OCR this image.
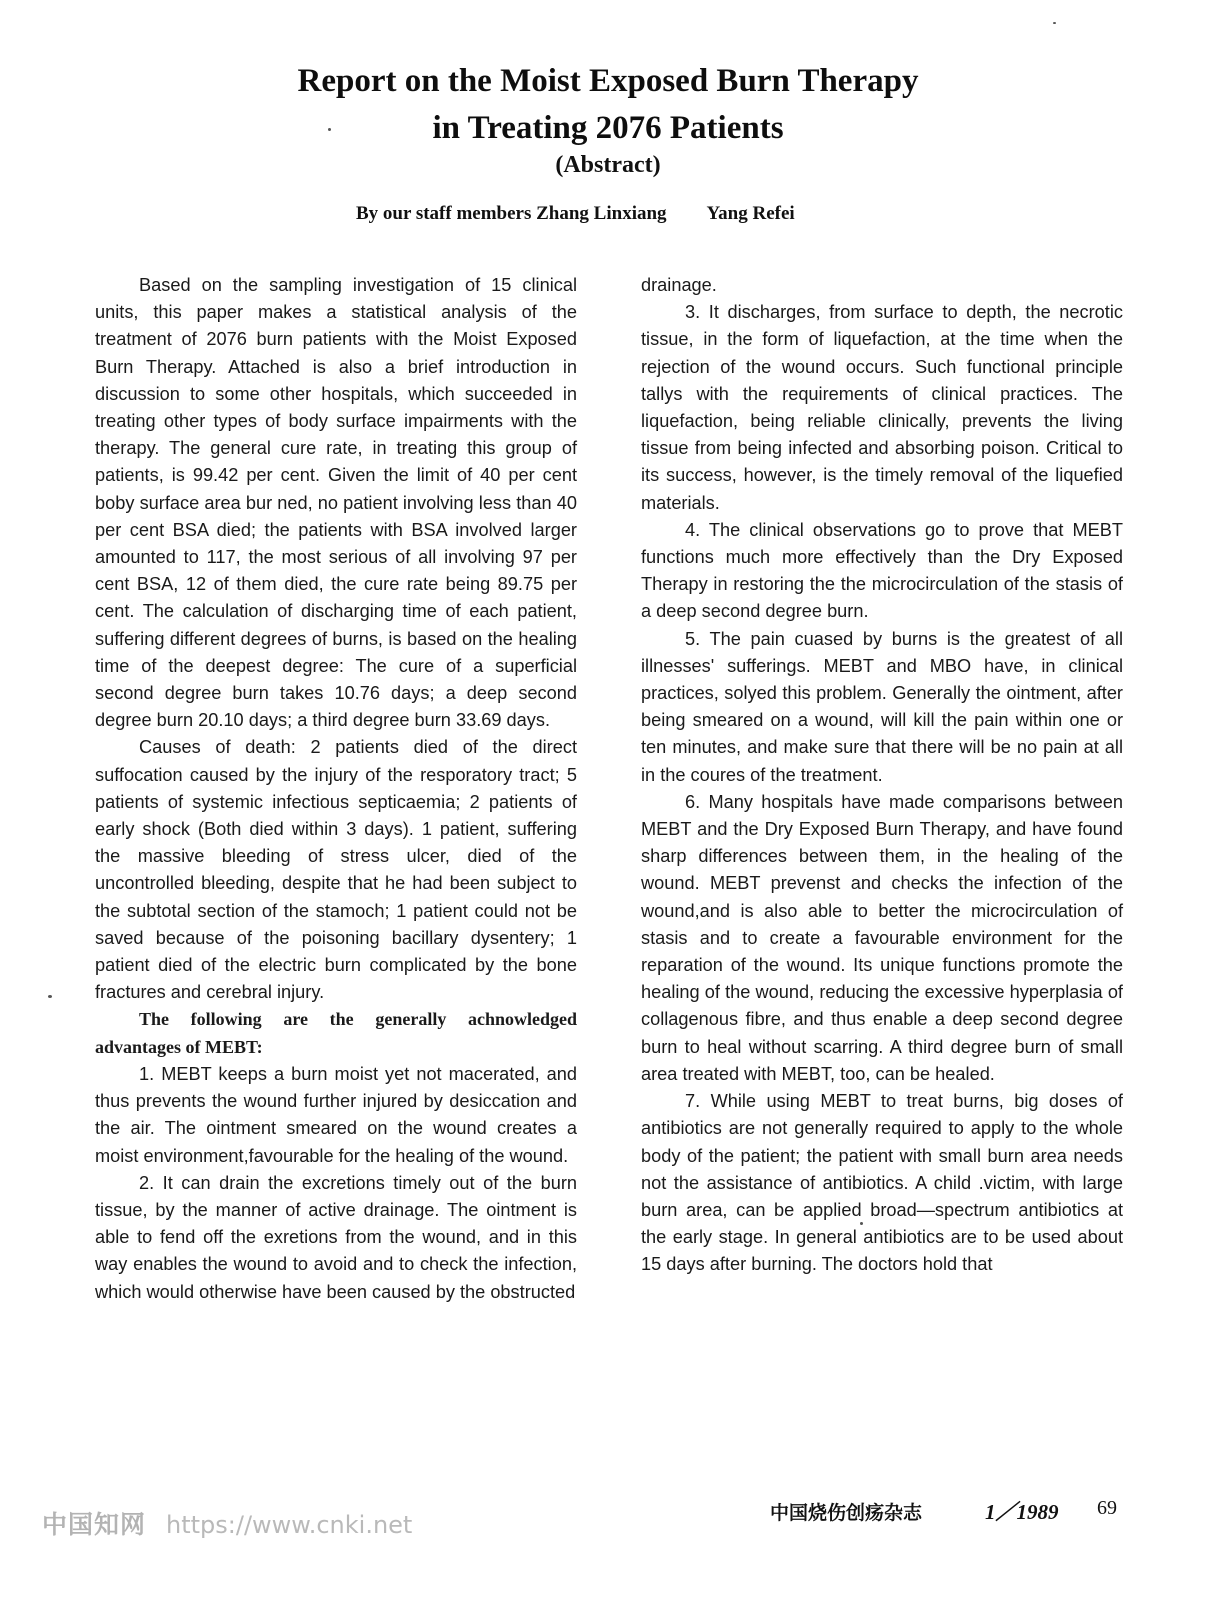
Report on the Moist Exposed Burn Therapy
in Treating 2076 Patients
(Abstract)
By our staff members Zhang Linxiang Yang Refei

Based on the sampling investigation of 15 clinical units, this paper makes a statistical analysis of the treatment of 2076 burn patients with the Moist Exposed Burn Therapy. Attached is also a brief introduction in discussion to some other hospitals, which succeeded in treating other types of body surface impairments with the therapy. The general cure rate, in treating this group of patients, is 99.42 per cent. Given the limit of 40 per cent boby surface area bur ned, no patient involving less than 40 per cent BSA died; the patients with BSA involved larger amounted to 117, the most serious of all involving 97 per cent BSA, 12 of them died, the cure rate being 89.75 per cent. The calculation of discharging time of each patient, suffering different degrees of burns, is based on the healing time of the deepest degree: The cure of a superficial second degree burn takes 10.76 days; a deep second degree burn 20.10 days; a third degree burn 33.69 days.

Causes of death: 2 patients died of the direct suffocation caused by the injury of the resporatory tract; 5 patients of systemic infectious septicaemia; 2 patients of early shock (Both died within 3 days). 1 patient, suffering the massive bleeding of stress ulcer, died of the uncontrolled bleeding, despite that he had been subject to the subtotal section of the stamoch; 1 patient could not be saved because of the poisoning bacillary dysentery; 1 patient died of the electric burn complicated by the bone fractures and cerebral injury.

The following are the generally achnowledged advantages of MEBT:

1. MEBT keeps a burn moist yet not macerated, and thus prevents the wound further injured by desiccation and the air. The ointment smeared on the wound creates a moist environment,favourable for the healing of the wound.

2. It can drain the excretions timely out of the burn tissue, by the manner of active drainage. The ointment is able to fend off the exretions from the wound, and in this way enables the wound to avoid and to check the infection, which would otherwise have been caused by the obstructed

drainage.

3. It discharges, from surface to depth, the necrotic tissue, in the form of liquefaction, at the time when the rejection of the wound occurs. Such functional principle tallys with the requirements of clinical practices. The liquefaction, being reliable clinically, prevents the living tissue from being infected and absorbing poison. Critical to its success, however, is the timely removal of the liquefied materials.

4. The clinical observations go to prove that MEBT functions much more effectively than the Dry Exposed Therapy in restoring the the microcirculation of the stasis of a deep second degree burn.

5. The pain cuased by burns is the greatest of all illnesses' sufferings. MEBT and MBO have, in clinical practices, solyed this problem. Generally the ointment, after being smeared on a wound, will kill the pain within one or ten minutes, and make sure that there will be no pain at all in the coures of the treatment.

6. Many hospitals have made comparisons between MEBT and the Dry Exposed Burn Therapy, and have found sharp differences between them, in the healing of the wound. MEBT prevenst and checks the infection of the wound,and is also able to better the microcirculation of stasis and to create a favourable environment for the reparation of the wound. Its unique functions promote the healing of the wound, reducing the excessive hyperplasia of collagenous fibre, and thus enable a deep second degree burn to heal without scarring. A third degree burn of small area treated with MEBT, too, can be healed.

7. While using MEBT to treat burns, big doses of antibiotics are not generally required to apply to the whole body of the patient; the patient with small burn area needs not the assistance of antibiotics. A child .victim, with large burn area, can be applied broad—spectrum antibiotics at the early stage. In general antibiotics are to be used about 15 days after burning. The doctors hold that

中国烧伤创疡杂志	1／1989 69
中国知网 https://www.cnki.net
